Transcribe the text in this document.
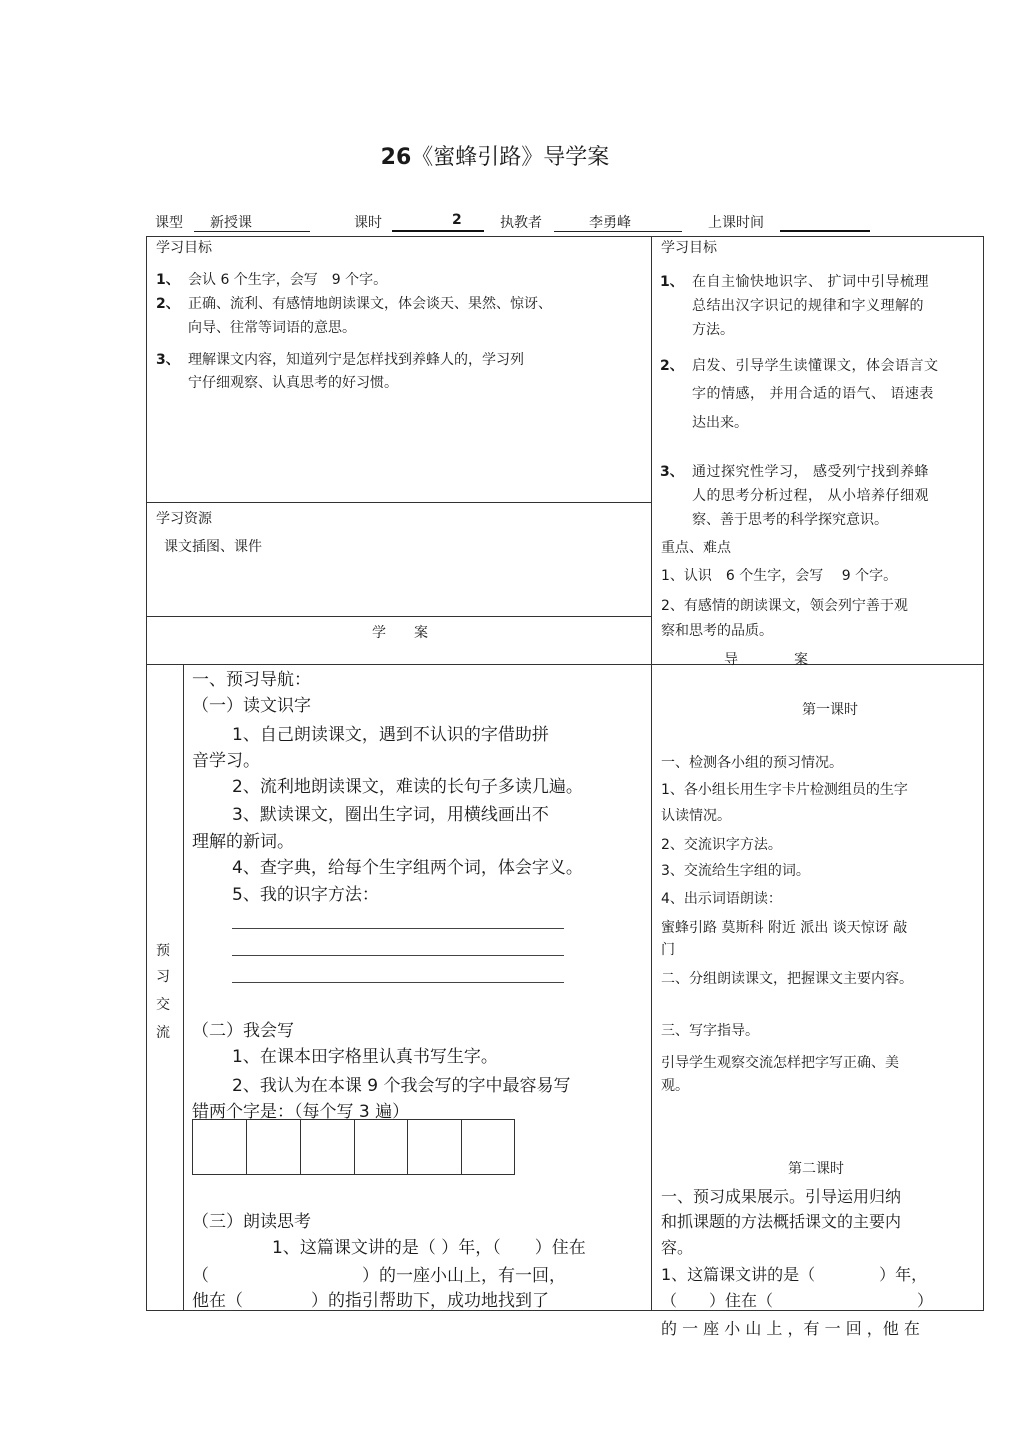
26《蜜蜂引路》导学案
课型 新授课	课时	2	执教者	李勇峰	上课时间
学习目标
1、 会认 6 个生字，会写　9 个字。
2、 正确、流利、有感情地朗读课文，体会谈天、果然、惊讶、
向导、往常等词语的意思。
3、 理解课文内容，知道列宁是怎样找到养蜂人的，学习列
宁仔细观察、认真思考的好习惯。
学习目标
1、 在自主愉快地识字、 扩词中引导梳理
总结出汉字识记的规律和字义理解的
方法。
2、 启发、引导学生读懂课文，体会语言文
字的情感， 并用合适的语气、 语速表
达出来。
3、 通过探究性学习， 感受列宁找到养蜂
人的思考分析过程， 从小培养仔细观
察、善于思考的科学探究意识。
学习资源
课文插图、课件	重点、难点
1、认识　6 个生字，会写　 9 个字。
2、有感情的朗读课文，领会列宁善于观
察和思考的品质。
学　　案
导　　　　案
预
习
交
流
一、预习导航：
（一）读文识字
1、自己朗读课文，遇到不认识的字借助拼
音学习。
2、流利地朗读课文，难读的长句子多读几遍。
3、默读课文，圈出生字词，用横线画出不
理解的新词。
4、查字典，给每个生字组两个词，体会字义。
5、我的识字方法：
（二）我会写
1、在课本田字格里认真书写生字。
2、我认为在本课 9 个我会写的字中最容易写
错两个字是：（每个写 3 遍）
（三）朗读思考
1、这篇课文讲的是（ ）年，（　　）住在
（　　　　　　　　　）的一座小山上，有一回，
他在（　　　　）的指引帮助下，成功地找到了
第一课时
一、检测各小组的预习情况。
1、各小组长用生字卡片检测组员的生字
认读情况。
2、交流识字方法。
3、交流给生字组的词。
4、出示词语朗读：
蜜蜂引路 莫斯科 附近 派出 谈天惊讶 敲
门
二、分组朗读课文，把握课文主要内容。
三、写字指导。
引导学生观察交流怎样把字写正确、美
观。
第二课时
一、预习成果展示。引导运用归纳
和抓课题的方法概括课文的主要内
容。
1、这篇课文讲的是（　　　　）年，
（　　）住在（　　　　　　　　　）
的 一 座 小 山 上 ，有 一 回 ，他 在
